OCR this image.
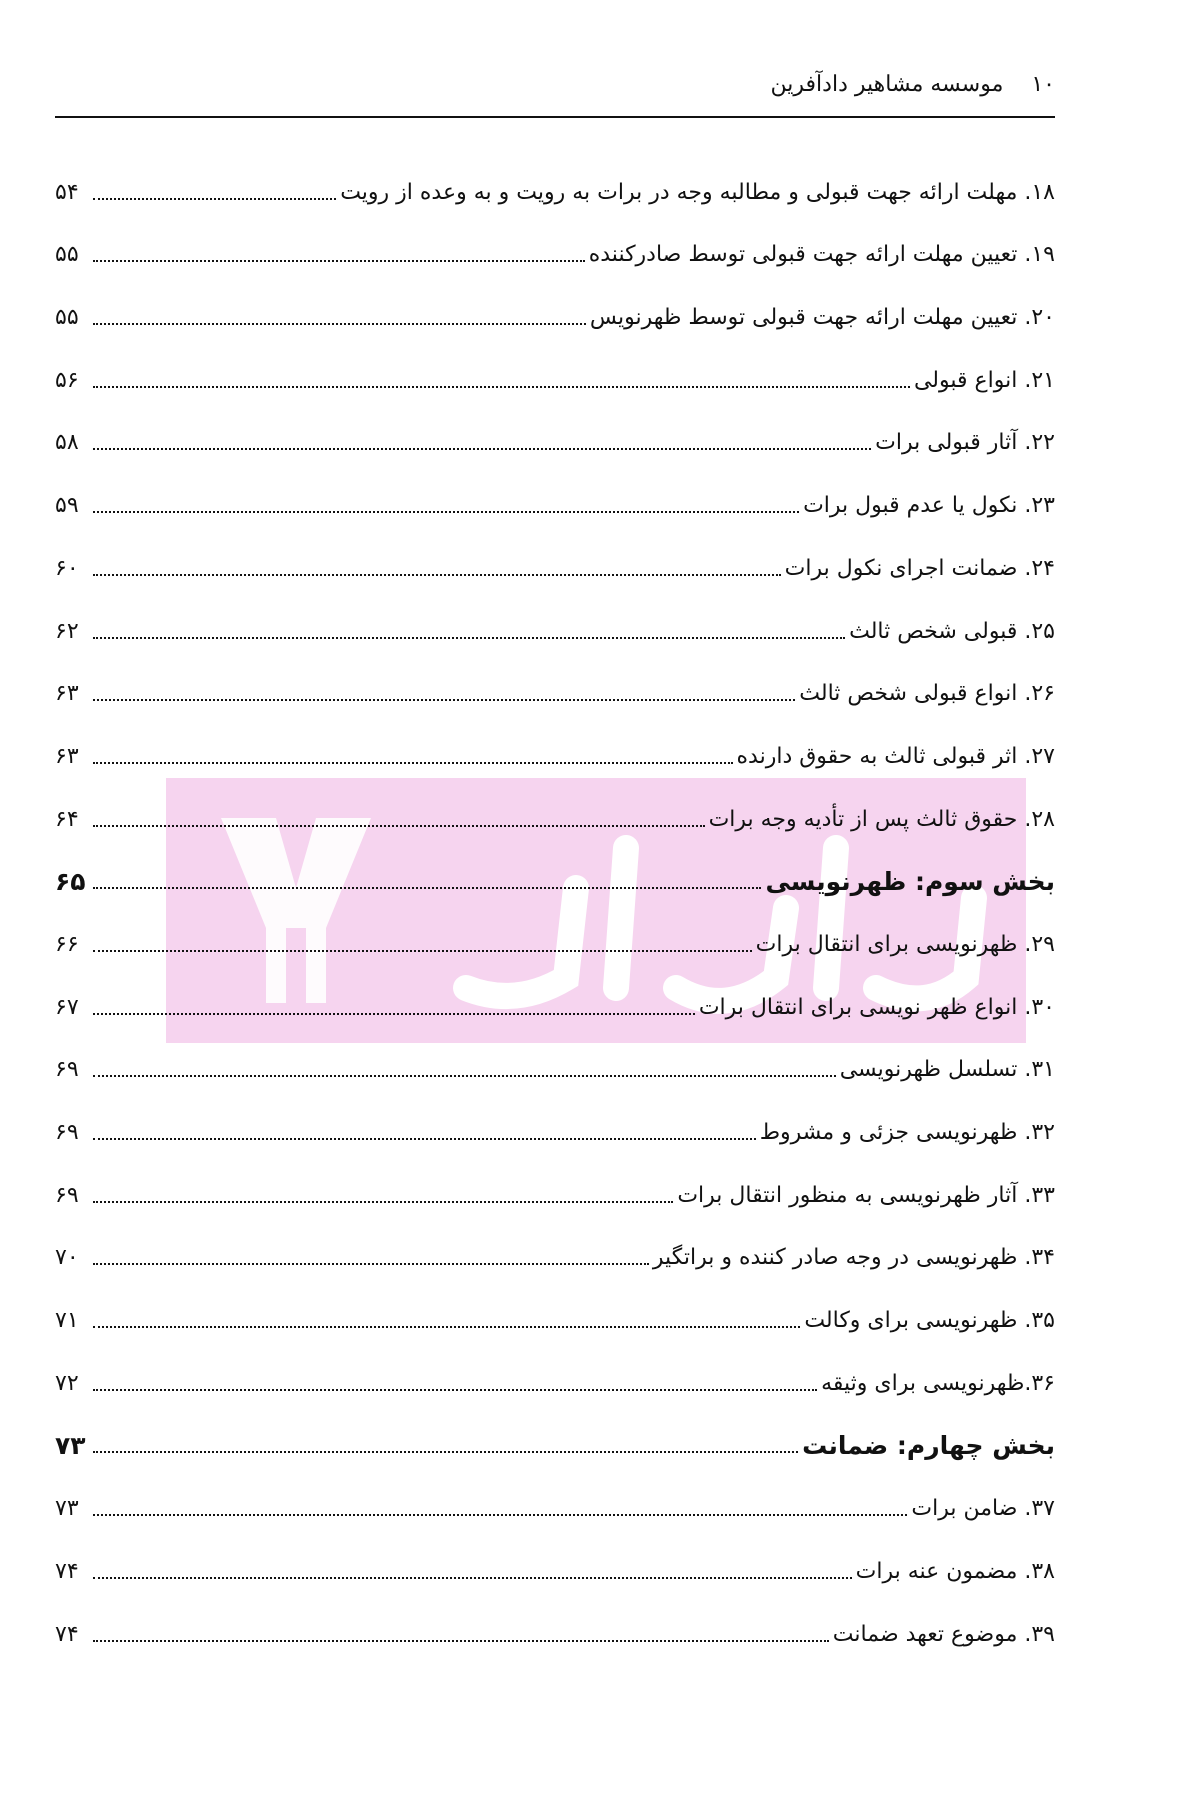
۱۰
موسسه مشاهیر دادآفرین
۱۸. مهلت ارائه جهت قبولی و مطالبه وجه در برات به رویت و به وعده از رویت
۵۴
۱۹. تعیین مهلت ارائه جهت قبولی توسط صادرکننده
۵۵
۲۰. تعیین مهلت ارائه جهت قبولی توسط ظهرنویس
۵۵
۲۱. انواع قبولی
۵۶
۲۲. آثار قبولی برات
۵۸
۲۳. نکول یا عدم قبول برات
۵۹
۲۴. ضمانت اجرای نکول برات
۶۰
۲۵. قبولی شخص ثالث
۶۲
۲۶. انواع قبولی شخص ثالث
۶۳
۲۷. اثر قبولی ثالث به حقوق دارنده
۶۳
۲۸. حقوق ثالث پس از تأدیه وجه برات
۶۴
بخش سوم: ظهرنویسی
۶۵
۲۹. ظهرنویسی برای انتقال برات
۶۶
۳۰. انواع ظهر نویسی برای انتقال برات
۶۷
۳۱. تسلسل ظهرنویسی
۶۹
۳۲. ظهرنویسی جزئی و مشروط
۶۹
۳۳. آثار ظهرنویسی به منظور انتقال برات
۶۹
۳۴. ظهرنویسی در وجه صادر کننده و براتگیر
۷۰
۳۵. ظهرنویسی برای وکالت
۷۱
۳۶.ظهرنویسی برای وثیقه
۷۲
بخش چهارم: ضمانت
۷۳
۳۷. ضامن برات
۷۳
۳۸. مضمون عنه برات
۷۴
۳۹. موضوع تعهد ضمانت
۷۴
